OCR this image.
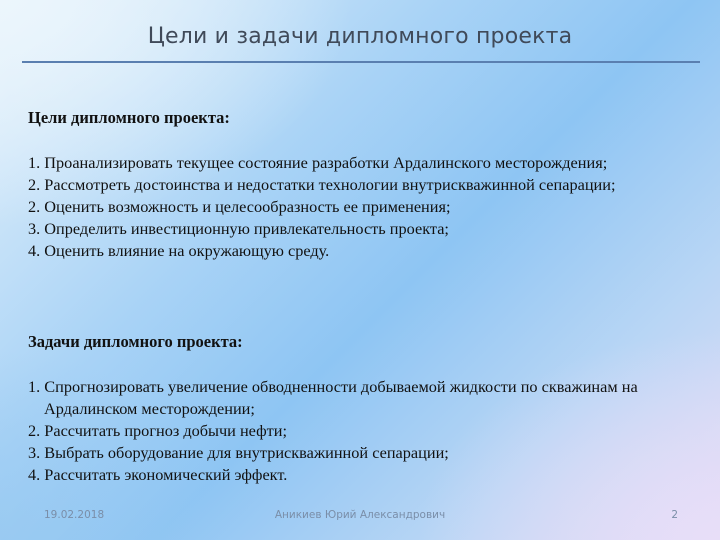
Цели и задачи дипломного проекта

Цели дипломного проекта:

1. Проанализировать текущее состояние разработки Ардалинского месторождения;
2. Рассмотреть достоинства и недостатки технологии внутрискважинной сепарации;
2. Оценить возможность и целесообразность ее применения;
3. Определить инвестиционную привлекательность проекта;
4. Оценить влияние на окружающую среду.

Задачи дипломного проекта:

1. Спрогнозировать увеличение обводненности добываемой жидкости по скважинам на Ардалинском месторождении;
2. Рассчитать прогноз добычи нефти;
3. Выбрать оборудование для внутрискважинной сепарации;
4. Рассчитать экономический эффект.
19.02.2018	Аникиев Юрий Александрович	2
